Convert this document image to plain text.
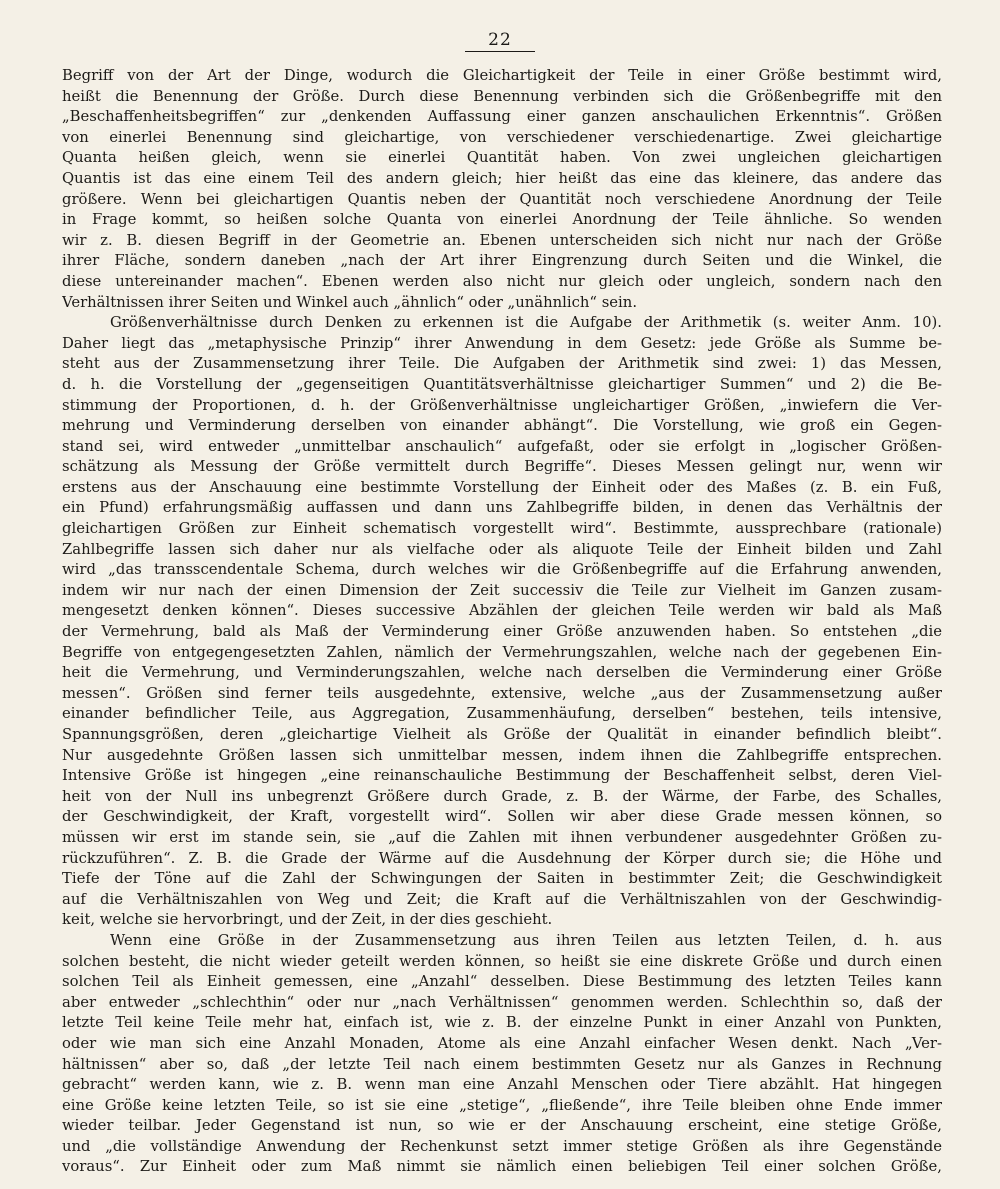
22
Begriff von der Art der Dinge, wodurch die Gleichartigkeit der Teile in einer Größe bestimmt wird,
heißt die Benennung der Größe. Durch diese Benennung verbinden sich die Größenbegriffe mit den
„Beschaffenheitsbegriffen“ zur „denkenden Auffassung einer ganzen anschaulichen Erkenntnis“. Größen
von einerlei Benennung sind gleichartige, von verschiedener verschiedenartige. Zwei gleichartige
Quanta heißen gleich, wenn sie einerlei Quantität haben. Von zwei ungleichen gleichartigen
Quantis ist das eine einem Teil des andern gleich; hier heißt das eine das kleinere, das andere das
größere. Wenn bei gleichartigen Quantis neben der Quantität noch verschiedene Anordnung der Teile
in Frage kommt, so heißen solche Quanta von einerlei Anordnung der Teile ähnliche. So wenden
wir z. B. diesen Begriff in der Geometrie an. Ebenen unterscheiden sich nicht nur nach der Größe
ihrer Fläche, sondern daneben „nach der Art ihrer Eingrenzung durch Seiten und die Winkel, die
diese untereinander machen“. Ebenen werden also nicht nur gleich oder ungleich, sondern nach den
Verhältnissen ihrer Seiten und Winkel auch „ähnlich“ oder „unähnlich“ sein.
Größenverhältnisse durch Denken zu erkennen ist die Aufgabe der Arithmetik (s. weiter Anm. 10).
Daher liegt das „metaphysische Prinzip“ ihrer Anwendung in dem Gesetz: jede Größe als Summe be-
steht aus der Zusammensetzung ihrer Teile. Die Aufgaben der Arithmetik sind zwei: 1) das Messen,
d. h. die Vorstellung der „gegenseitigen Quantitätsverhältnisse gleichartiger Summen“ und 2) die Be-
stimmung der Proportionen, d. h. der Größenverhältnisse ungleichartiger Größen, „inwiefern die Ver-
mehrung und Verminderung derselben von einander abhängt“. Die Vorstellung, wie groß ein Gegen-
stand sei, wird entweder „unmittelbar anschaulich“ aufgefaßt, oder sie erfolgt in „logischer Größen-
schätzung als Messung der Größe vermittelt durch Begriffe“. Dieses Messen gelingt nur, wenn wir
erstens aus der Anschauung eine bestimmte Vorstellung der Einheit oder des Maßes (z. B. ein Fuß,
ein Pfund) erfahrungsmäßig auffassen und dann uns Zahlbegriffe bilden, in denen das Verhältnis der
gleichartigen Größen zur Einheit schematisch vorgestellt wird“. Bestimmte, aussprechbare (rationale)
Zahlbegriffe lassen sich daher nur als vielfache oder als aliquote Teile der Einheit bilden und Zahl
wird „das transscendentale Schema, durch welches wir die Größenbegriffe auf die Erfahrung anwenden,
indem wir nur nach der einen Dimension der Zeit successiv die Teile zur Vielheit im Ganzen zusam-
mengesetzt denken können“. Dieses successive Abzählen der gleichen Teile werden wir bald als Maß
der Vermehrung, bald als Maß der Verminderung einer Größe anzuwenden haben. So entstehen „die
Begriffe von entgegengesetzten Zahlen, nämlich der Vermehrungszahlen, welche nach der gegebenen Ein-
heit die Vermehrung, und Verminderungszahlen, welche nach derselben die Verminderung einer Größe
messen“. Größen sind ferner teils ausgedehnte, extensive, welche „aus der Zusammensetzung außer
einander befindlicher Teile, aus Aggregation, Zusammenhäufung, derselben“ bestehen, teils intensive,
Spannungsgrößen, deren „gleichartige Vielheit als Größe der Qualität in einander befindlich bleibt“.
Nur ausgedehnte Größen lassen sich unmittelbar messen, indem ihnen die Zahlbegriffe entsprechen.
Intensive Größe ist hingegen „eine reinanschauliche Bestimmung der Beschaffenheit selbst, deren Viel-
heit von der Null ins unbegrenzt Größere durch Grade, z. B. der Wärme, der Farbe, des Schalles,
der Geschwindigkeit, der Kraft, vorgestellt wird“. Sollen wir aber diese Grade messen können, so
müssen wir erst im stande sein, sie „auf die Zahlen mit ihnen verbundener ausgedehnter Größen zu-
rückzuführen“. Z. B. die Grade der Wärme auf die Ausdehnung der Körper durch sie; die Höhe und
Tiefe der Töne auf die Zahl der Schwingungen der Saiten in bestimmter Zeit; die Geschwindigkeit
auf die Verhältniszahlen von Weg und Zeit; die Kraft auf die Verhältniszahlen von der Geschwindig-
keit, welche sie hervorbringt, und der Zeit, in der dies geschieht.
Wenn eine Größe in der Zusammensetzung aus ihren Teilen aus letzten Teilen, d. h. aus
solchen besteht, die nicht wieder geteilt werden können, so heißt sie eine diskrete Größe und durch einen
solchen Teil als Einheit gemessen, eine „Anzahl“ desselben. Diese Bestimmung des letzten Teiles kann
aber entweder „schlechthin“ oder nur „nach Verhältnissen“ genommen werden. Schlechthin so, daß der
letzte Teil keine Teile mehr hat, einfach ist, wie z. B. der einzelne Punkt in einer Anzahl von Punkten,
oder wie man sich eine Anzahl Monaden, Atome als eine Anzahl einfacher Wesen denkt. Nach „Ver-
hältnissen“ aber so, daß „der letzte Teil nach einem bestimmten Gesetz nur als Ganzes in Rechnung
gebracht“ werden kann, wie z. B. wenn man eine Anzahl Menschen oder Tiere abzählt. Hat hingegen
eine Größe keine letzten Teile, so ist sie eine „stetige“, „fließende“, ihre Teile bleiben ohne Ende immer
wieder teilbar. Jeder Gegenstand ist nun, so wie er der Anschauung erscheint, eine stetige Größe,
und „die vollständige Anwendung der Rechenkunst setzt immer stetige Größen als ihre Gegenstände
voraus“. Zur Einheit oder zum Maß nimmt sie nämlich einen beliebigen Teil einer solchen Größe,
